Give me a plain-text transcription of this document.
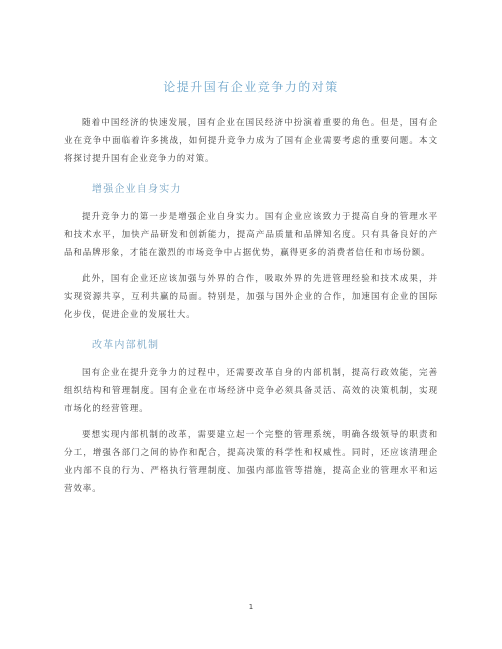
论提升国有企业竞争力的对策

随着中国经济的快速发展，国有企业在国民经济中扮演着重要的角色。但是，国有企业在竞争中面临着许多挑战，如何提升竞争力成为了国有企业需要考虑的重要问题。本文将探讨提升国有企业竞争力的对策。

增强企业自身实力

提升竞争力的第一步是增强企业自身实力。国有企业应该致力于提高自身的管理水平和技术水平，加快产品研发和创新能力，提高产品质量和品牌知名度。只有具备良好的产品和品牌形象，才能在激烈的市场竞争中占据优势，赢得更多的消费者信任和市场份额。

此外，国有企业还应该加强与外界的合作，吸取外界的先进管理经验和技术成果，并实现资源共享，互利共赢的局面。特别是，加强与国外企业的合作，加速国有企业的国际化步伐，促进企业的发展壮大。

改革内部机制

国有企业在提升竞争力的过程中，还需要改革自身的内部机制，提高行政效能，完善组织结构和管理制度。国有企业在市场经济中竞争必须具备灵活、高效的决策机制，实现市场化的经营管理。

要想实现内部机制的改革，需要建立起一个完整的管理系统，明确各级领导的职责和分工，增强各部门之间的协作和配合，提高决策的科学性和权威性。同时，还应该清理企业内部不良的行为、严格执行管理制度、加强内部监管等措施，提高企业的管理水平和运营效率。

1
